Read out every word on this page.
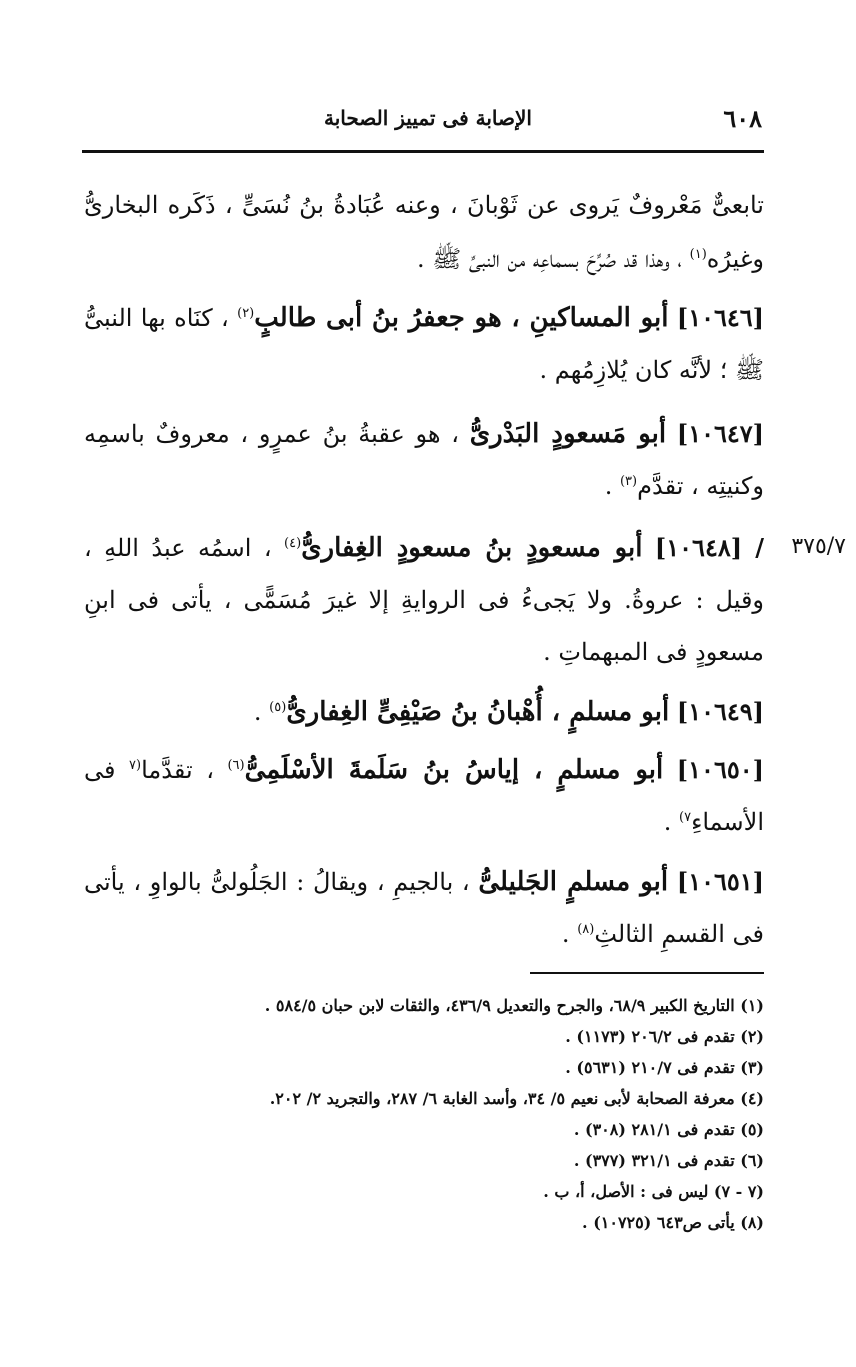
٦٠٨
الإصابة فى تمييز الصحابة
تابعىٌّ مَعْروفٌ يَروى عن ثَوْبانَ ، وعنه عُبَادةُ بنُ نُسَىٍّ ، ذَكَره البخارىُّ وغيرُه$^{(١)}$ ، وهذا قد صُرِّحَ بسماعِه من النبىِّ ﷺ .
[١٠٦٤٦] أبو المساكينِ ، هو جعفرُ بنُ أبى طالبٍ$^{(٢)}$ ، كنَاه بها النبىُّ ﷺ ؛ لأنَّه كان يُلازِمُهم .
[١٠٦٤٧] أبو مَسعودٍ البَدْرىُّ ، هو عقبةُ بنُ عمرٍو ، معروفٌ باسمِه وكنيتِه ، تقدَّم$^{(٣)}$ .
٣٧٥/٧
/ [١٠٦٤٨] أبو مسعودٍ بنُ مسعودٍ الغِفارىُّ$^{(٤)}$ ، اسمُه عبدُ اللهِ ، وقيل : عروةُ. ولا يَجىءُ فى الروايةِ إلا غيرَ مُسَمًّى ، يأتى فى ابنِ مسعودٍ فى المبهماتِ .
[١٠٦٤٩] أبو مسلمٍ ، أُهْبانُ بنُ صَيْفِىٍّ الغِفارىُّ$^{(٥)}$ .
[١٠٦٥٠] أبو مسلمٍ ، إياسُ بنُ سَلَمةَ الأسْلَمِىُّ$^{(٦)}$ ، تقدَّما$^{(٧}$ فى الأسماءِ$^{٧)}$ .
[١٠٦٥١] أبو مسلمٍ الجَليلىُّ ، بالجيمِ ، ويقالُ : الجَلُولىُّ بالواوِ ، يأتى فى القسمِ الثالثِ$^{(٨)}$ .
(١) التاريخ الكبير ٦٨/٩، والجرح والتعديل ٤٣٦/٩، والثقات لابن حبان ٥٨٤/٥ .
(٢) تقدم فى ٢٠٦/٢ (١١٧٣) .
(٣) تقدم فى ٢١٠/٧ (٥٦٣١) .
(٤) معرفة الصحابة لأبى نعيم ٥/ ٣٤، وأسد الغابة ٦/ ٢٨٧، والتجريد ٢/ ٢٠٢.
(٥) تقدم فى ٢٨١/١ (٣٠٨) .
(٦) تقدم فى ٣٢١/١ (٣٧٧) .
(٧ - ٧) ليس فى : الأصل، أ، ب .
(٨) يأتى ص٦٤٣ (١٠٧٢٥) .
